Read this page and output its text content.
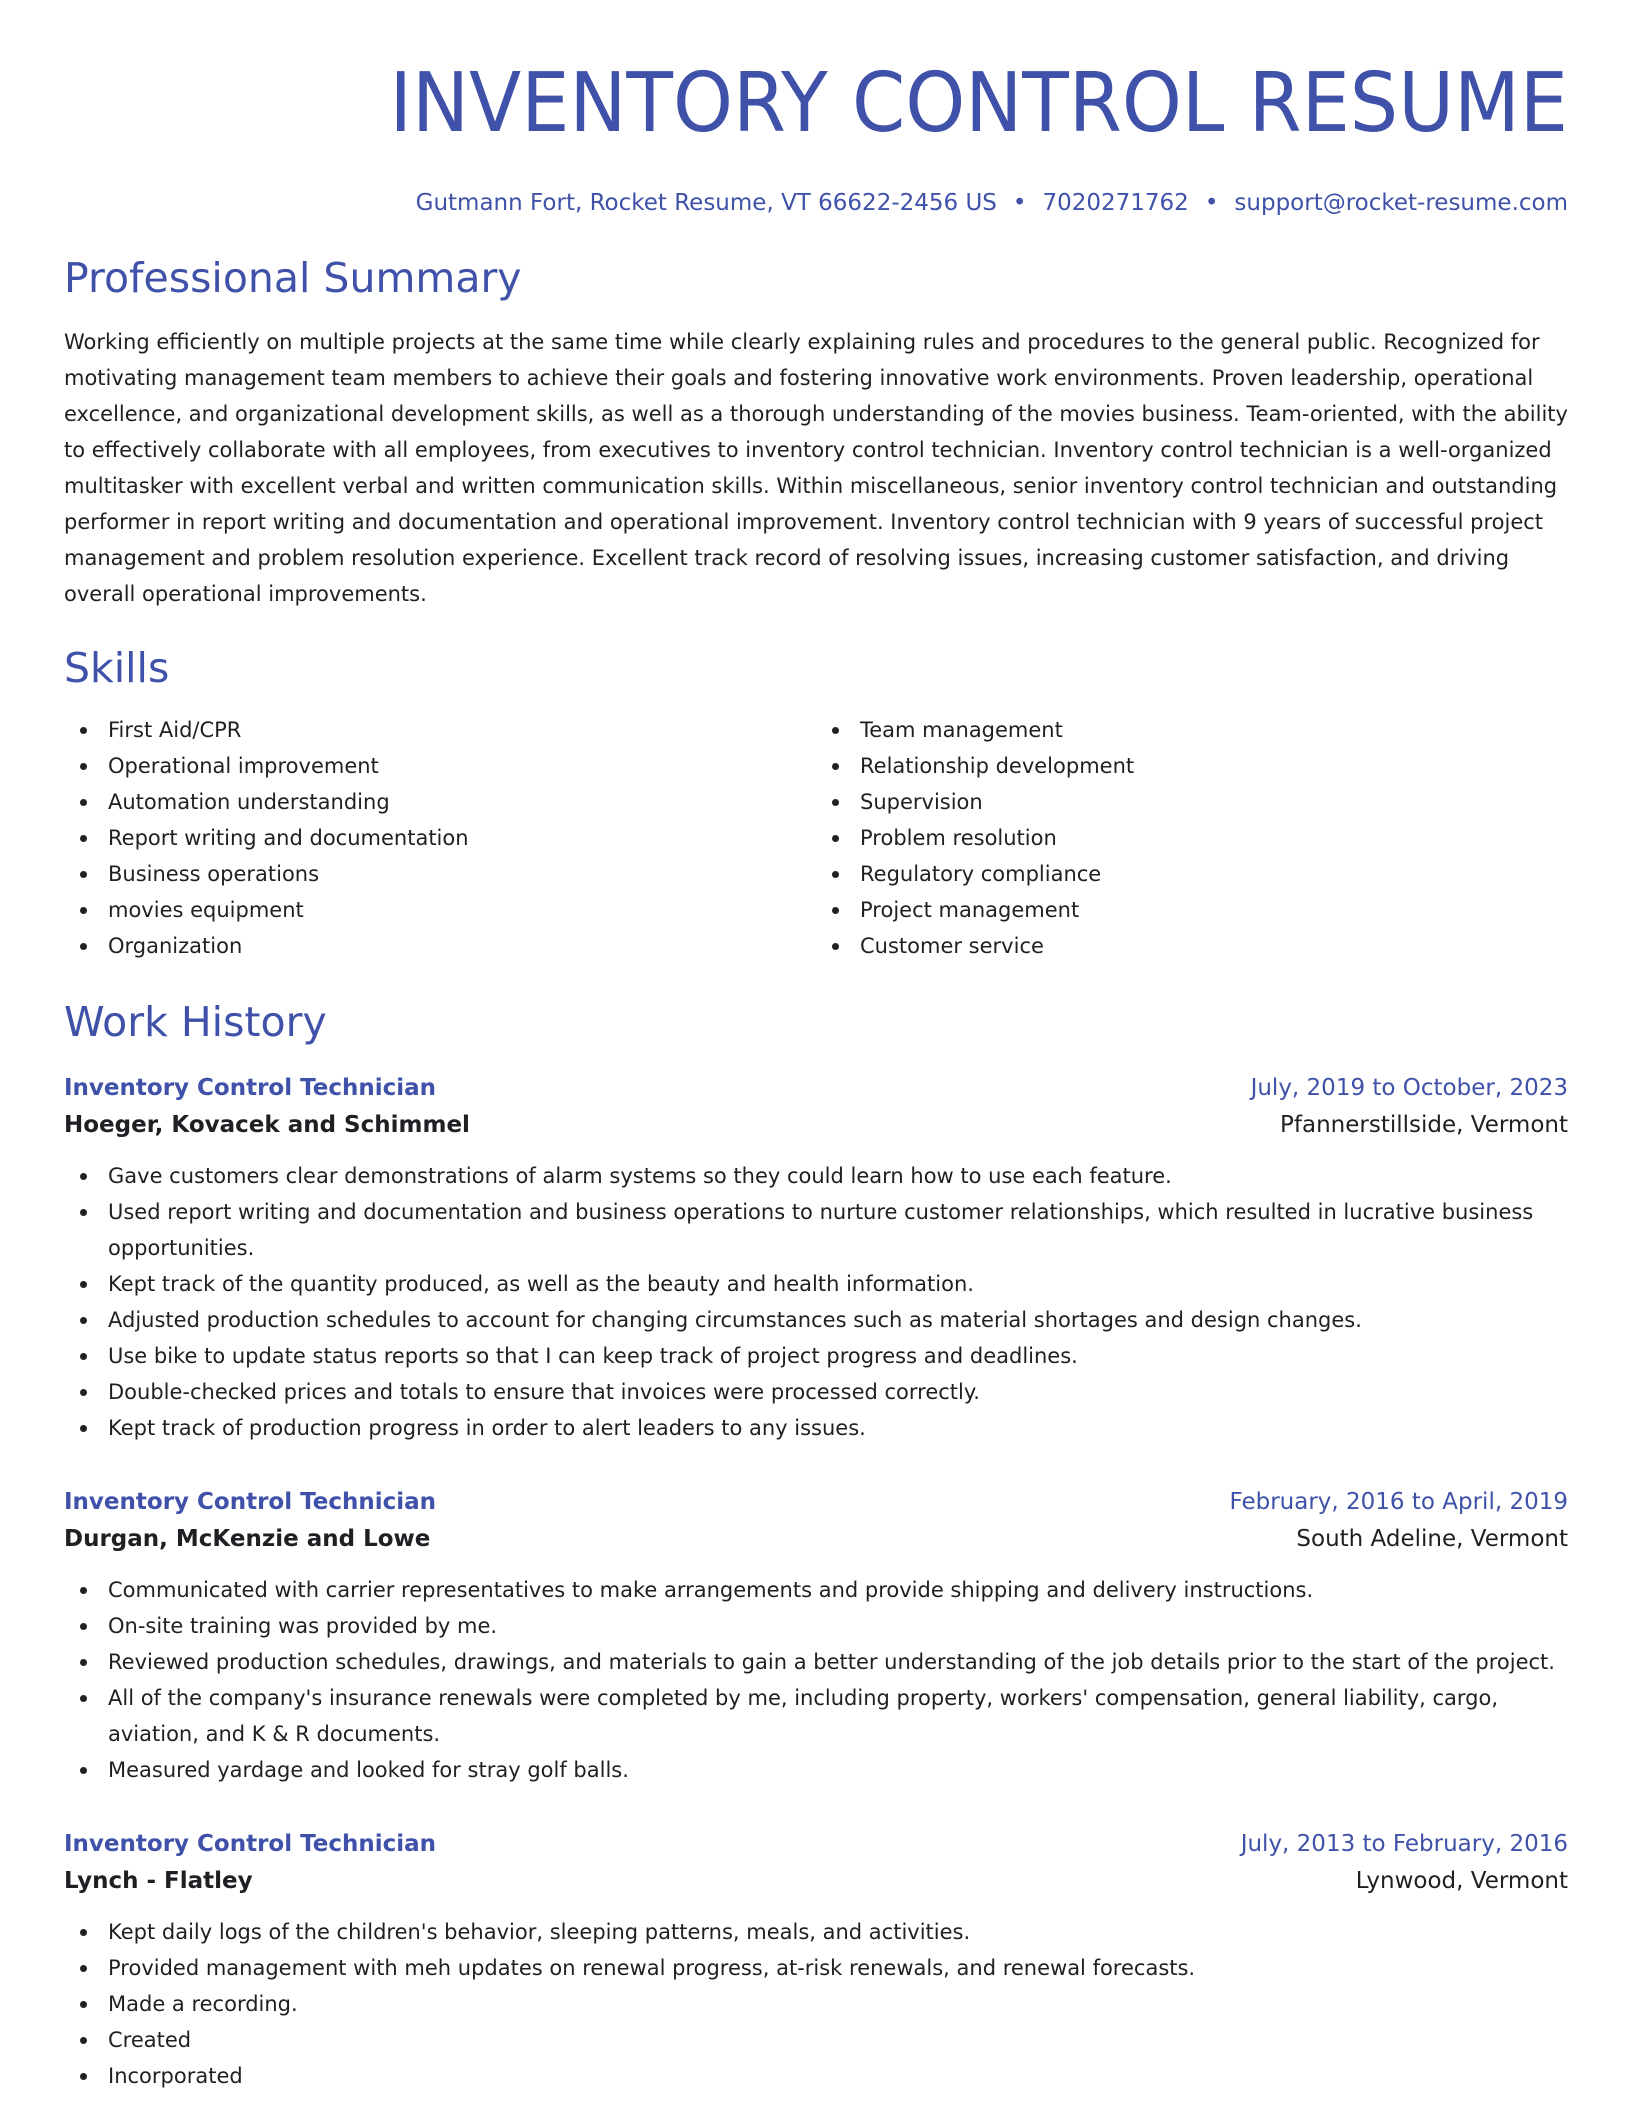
INVENTORY CONTROL RESUME
Gutmann Fort, Rocket Resume, VT 66622-2456 US • 7020271762 • support@rocket-resume.com
Professional Summary

Working efficiently on multiple projects at the same time while clearly explaining rules and procedures to the general public. Recognized for motivating management team members to achieve their goals and fostering innovative work environments. Proven leadership, operational excellence, and organizational development skills, as well as a thorough understanding of the movies business. Team-oriented, with the ability to effectively collaborate with all employees, from executives to inventory control technician. Inventory control technician is a well-organized multitasker with excellent verbal and written communication skills. Within miscellaneous, senior inventory control technician and outstanding performer in report writing and documentation and operational improvement. Inventory control technician with 9 years of successful project management and problem resolution experience. Excellent track record of resolving issues, increasing customer satisfaction, and driving overall operational improvements.

Skills
First Aid/CPR
Operational improvement
Automation understanding
Report writing and documentation
Business operations
movies equipment
Organization
Team management
Relationship development
Supervision
Problem resolution
Regulatory compliance
Project management
Customer service
Work History
Inventory Control Technician	July, 2019 to October, 2023
Hoeger, Kovacek and Schimmel	Pfannerstillside, Vermont
Gave customers clear demonstrations of alarm systems so they could learn how to use each feature.
Used report writing and documentation and business operations to nurture customer relationships, which resulted in lucrative business opportunities.
Kept track of the quantity produced, as well as the beauty and health information.
Adjusted production schedules to account for changing circumstances such as material shortages and design changes.
Use bike to update status reports so that I can keep track of project progress and deadlines.
Double-checked prices and totals to ensure that invoices were processed correctly.
Kept track of production progress in order to alert leaders to any issues.
Inventory Control Technician	February, 2016 to April, 2019
Durgan, McKenzie and Lowe	South Adeline, Vermont
Communicated with carrier representatives to make arrangements and provide shipping and delivery instructions.
On-site training was provided by me.
Reviewed production schedules, drawings, and materials to gain a better understanding of the job details prior to the start of the project.
All of the company's insurance renewals were completed by me, including property, workers' compensation, general liability, cargo, aviation, and K & R documents.
Measured yardage and looked for stray golf balls.
Inventory Control Technician	July, 2013 to February, 2016
Lynch - Flatley	Lynwood, Vermont
Kept daily logs of the children's behavior, sleeping patterns, meals, and activities.
Provided management with meh updates on renewal progress, at-risk renewals, and renewal forecasts.
Made a recording.
Created
Incorporated
